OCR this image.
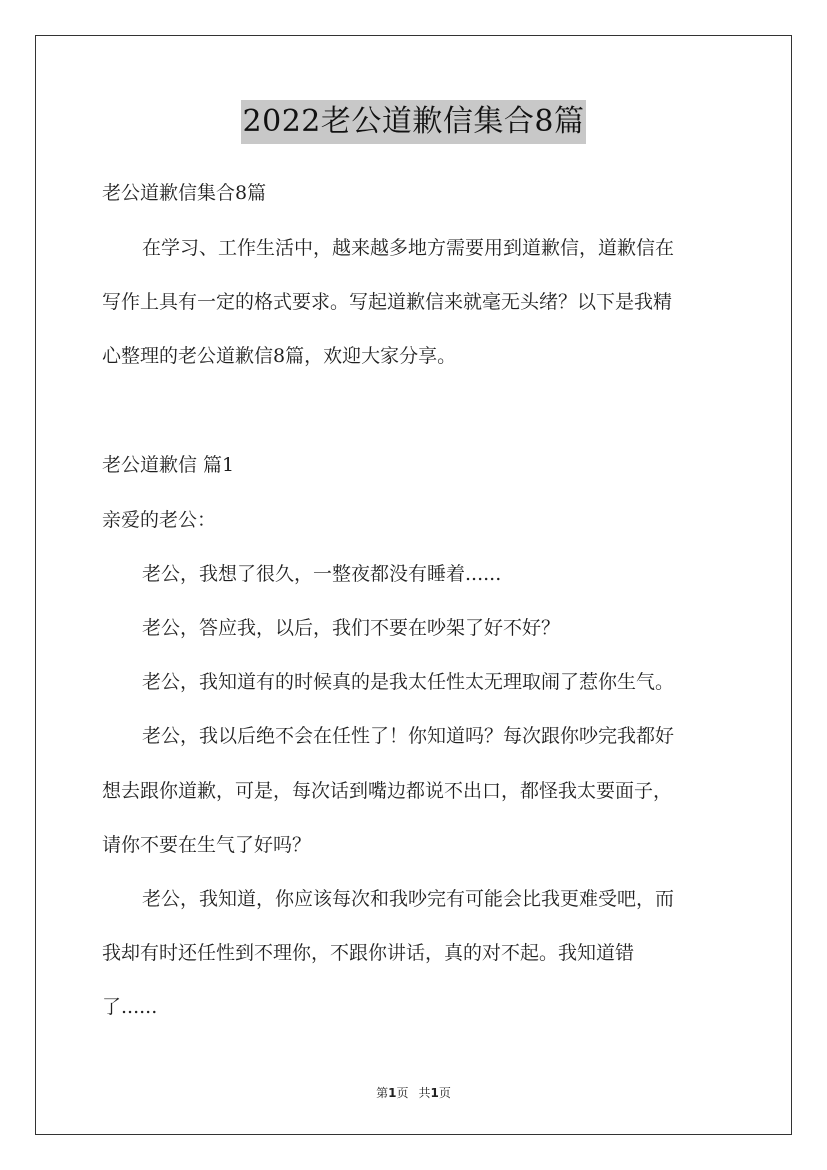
2022老公道歉信集合8篇
老公道歉信集合8篇
在学习、工作生活中，越来越多地方需要用到道歉信，道歉信在
写作上具有一定的格式要求。写起道歉信来就毫无头绪？以下是我精
心整理的老公道歉信8篇，欢迎大家分享。
老公道歉信 篇1
亲爱的老公：
老公，我想了很久，一整夜都没有睡着......
老公，答应我，以后，我们不要在吵架了好不好？
老公，我知道有的时候真的是我太任性太无理取闹了惹你生气。
老公，我以后绝不会在任性了！你知道吗？每次跟你吵完我都好
想去跟你道歉，可是，每次话到嘴边都说不出口，都怪我太要面子，
请你不要在生气了好吗？
老公，我知道，你应该每次和我吵完有可能会比我更难受吧，而
我却有时还任性到不理你，不跟你讲话，真的对不起。我知道错
了......
第1页 共1页
